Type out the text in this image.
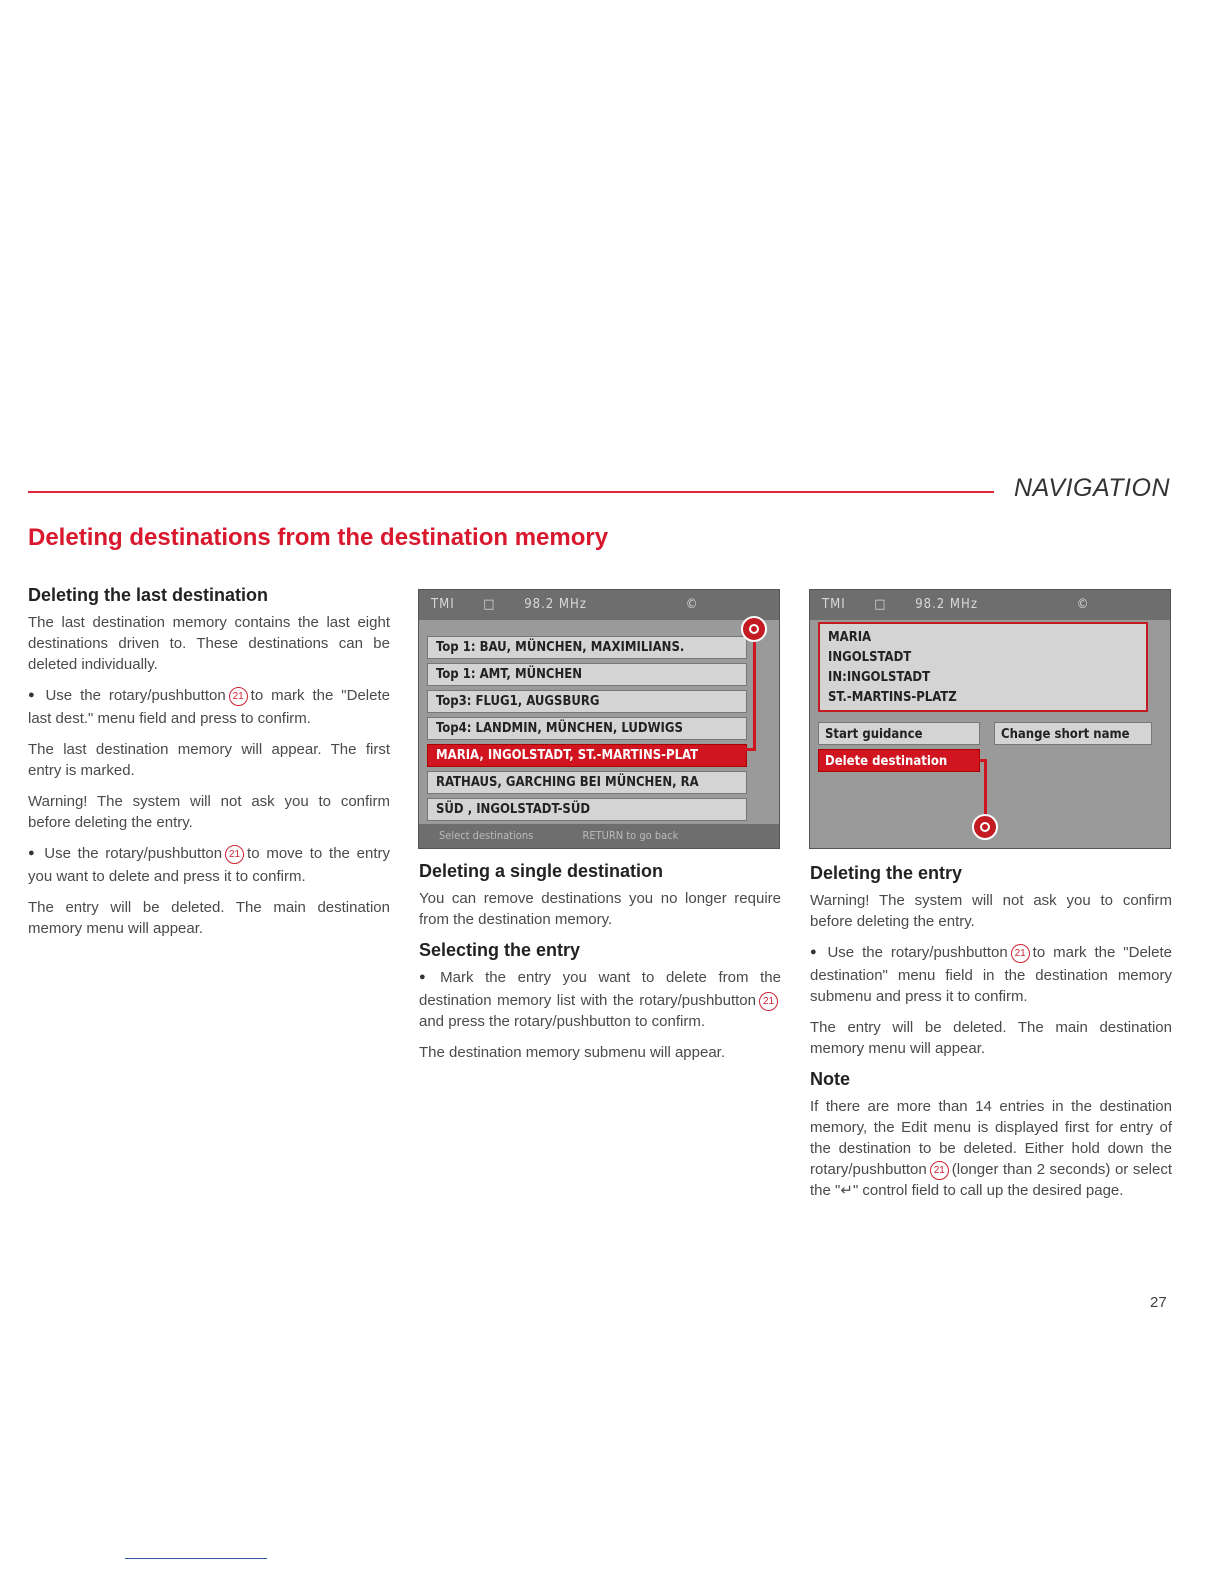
NAVIGATION
Deleting destinations from the destination memory
Deleting the last destination

The last destination memory contains the last eight destinations driven to. These destinations can be deleted individually.

● Use the rotary/pushbutton 21 to mark the "Delete last dest." menu field and press to confirm.

The last destination memory will appear. The first entry is marked.

Warning! The system will not ask you to confirm before deleting the entry.

● Use the rotary/pushbutton 21 to move to the entry you want to delete and press it to confirm.

The entry will be deleted. The main destination memory menu will appear.

TMI □ 98.2 MHz	©
Top 1: BAU, MÜNCHEN, MAXIMILIANS.
Top 1: AMT, MÜNCHEN
Top3: FLUG1, AUGSBURG
Top4: LANDMIN, MÜNCHEN, LUDWIGS
MARIA, INGOLSTADT, ST.-MARTINS-PLAT
RATHAUS, GARCHING BEI MÜNCHEN, RA
SÜD , INGOLSTADT-SÜD
Select destinations	RETURN to go back
Deleting a single destination

You can remove destinations you no longer require from the destination memory.

Selecting the entry

● Mark the entry you want to delete from the destination memory list with the rotary/pushbutton 21and press the rotary/pushbutton to confirm.

The destination memory submenu will appear.

TMI □ 98.2 MHz	©
MARIA
INGOLSTADT
IN:INGOLSTADT
ST.-MARTINS-PLATZ
Start guidance	Change short name
Delete destination
Deleting the entry

Warning! The system will not ask you to confirm before deleting the entry.

● Use the rotary/pushbutton 21 to mark the "Delete destination" menu field in the destination memory submenu and press it to confirm.

The entry will be deleted. The main destination memory menu will appear.

Note

If there are more than 14 entries in the destination memory, the Edit menu is displayed first for entry of the destination to be deleted. Either hold down the rotary/pushbutton 21 (longer than 2 seconds) or select the "↵" control field to call up the desired page.

27
